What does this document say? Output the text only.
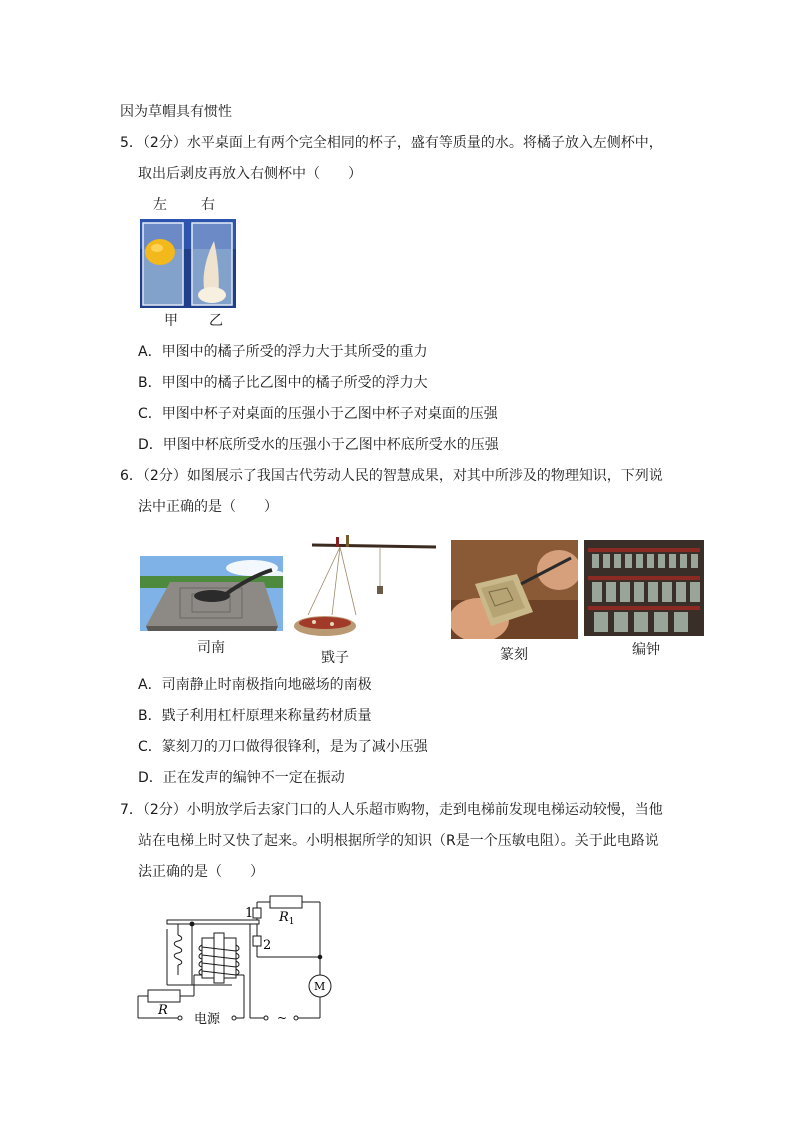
因为草帽具有惯性
5．（2分）水平桌面上有两个完全相同的杯子，盛有等质量的水。将橘子放入左侧杯中，
取出后剥皮再放入右侧杯中（　　）
左 右
甲 乙
A．甲图中的橘子所受的浮力大于其所受的重力
B．甲图中的橘子比乙图中的橘子所受的浮力大
C．甲图中杯子对桌面的压强小于乙图中杯子对桌面的压强
D．甲图中杯底所受水的压强小于乙图中杯底所受水的压强
6．（2分）如图展示了我国古代劳动人民的智慧成果，对其中所涉及的物理知识，下列说
法中正确的是（　　）
司南
戥子	篆刻	编钟
A．司南静止时南极指向地磁场的南极
B．戥子利用杠杆原理来称量药材质量
C．篆刻刀的刀口做得很锋利，是为了减小压强
D．正在发声的编钟不一定在振动
7．（2分）小明放学后去家门口的人人乐超市购物，走到电梯前发现电梯运动较慢，当他
站在电梯上时又快了起来。小明根据所学的知识（R是一个压敏电阻）。关于此电路说
法正确的是（　　）
1
2
$R_1$
R
M
电源	~
